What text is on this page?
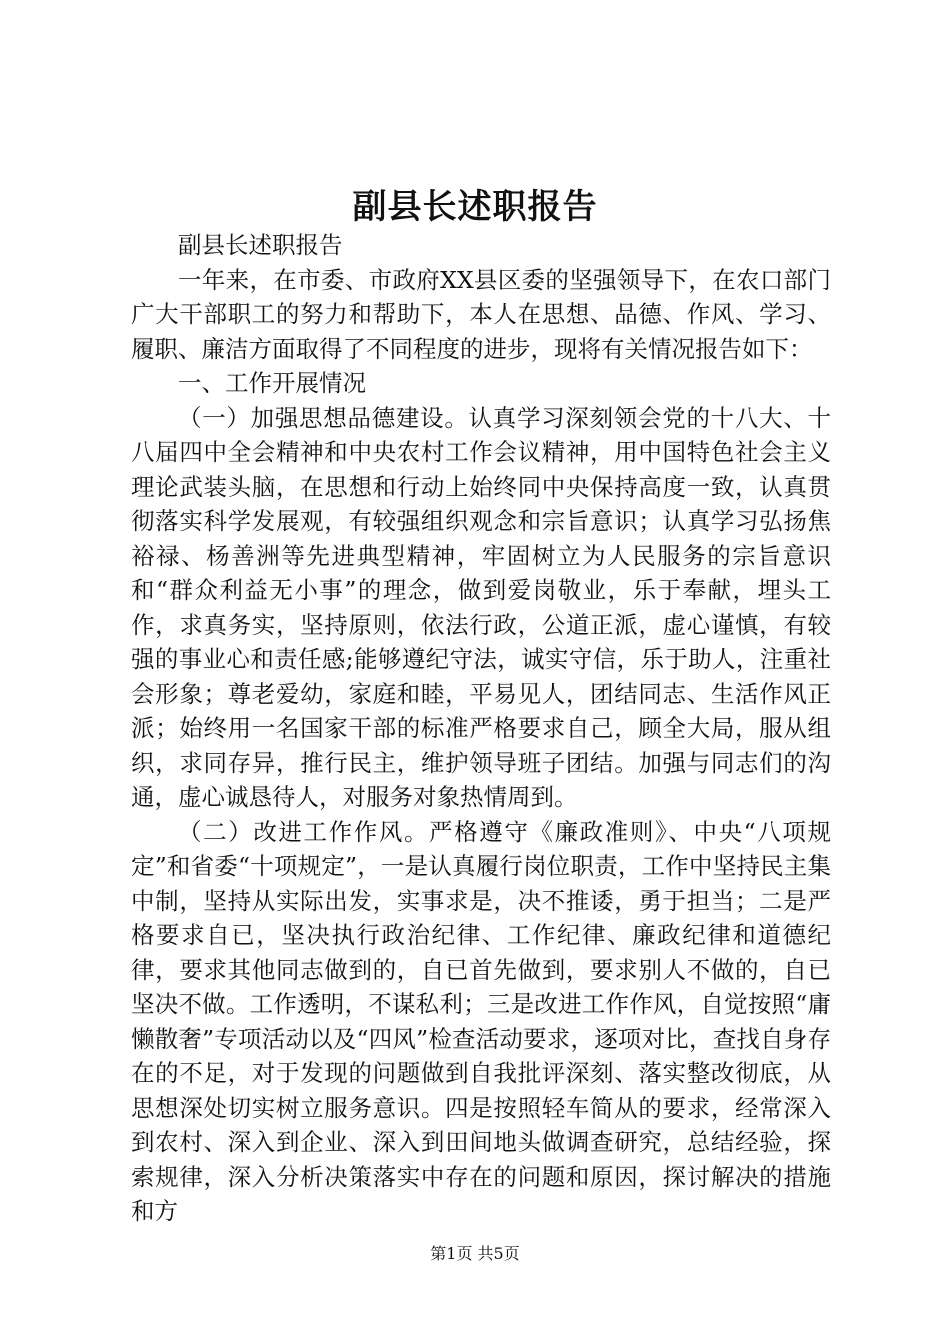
副县长述职报告

副县长述职报告

一年来，在市委、市政府XX县区委的坚强领导下，在农口部门广大干部职工的努力和帮助下，本人在思想、品德、作风、学习、履职、廉洁方面取得了不同程度的进步，现将有关情况报告如下：

一、工作开展情况

（一）加强思想品德建设。认真学习深刻领会党的十八大、十八届四中全会精神和中央农村工作会议精神，用中国特色社会主义理论武装头脑，在思想和行动上始终同中央保持高度一致，认真贯彻落实科学发展观，有较强组织观念和宗旨意识；认真学习弘扬焦裕禄、杨善洲等先进典型精神，牢固树立为人民服务的宗旨意识和“群众利益无小事”的理念，做到爱岗敬业，乐于奉献，埋头工作，求真务实，坚持原则，依法行政，公道正派，虚心谨慎，有较强的事业心和责任感;能够遵纪守法，诚实守信，乐于助人，注重社会形象；尊老爱幼，家庭和睦，平易见人，团结同志、生活作风正派；始终用一名国家干部的标准严格要求自己，顾全大局，服从组织，求同存异，推行民主，维护领导班子团结。加强与同志们的沟通，虚心诚恳待人，对服务对象热情周到。

（二）改进工作作风。严格遵守《廉政准则》、中央“八项规定”和省委“十项规定”，一是认真履行岗位职责，工作中坚持民主集中制，坚持从实际出发，实事求是，决不推诿，勇于担当；二是严格要求自已，坚决执行政治纪律、工作纪律、廉政纪律和道德纪律，要求其他同志做到的，自已首先做到，要求别人不做的，自已坚决不做。工作透明，不谋私利；三是改进工作作风，自觉按照“庸懒散奢”专项活动以及“四风”检查活动要求，逐项对比，查找自身存在的不足，对于发现的问题做到自我批评深刻、落实整改彻底，从思想深处切实树立服务意识。四是按照轻车简从的要求，经常深入到农村、深入到企业、深入到田间地头做调查研究，总结经验，探索规律，深入分析决策落实中存在的问题和原因，探讨解决的措施和方

第1页 共5页
